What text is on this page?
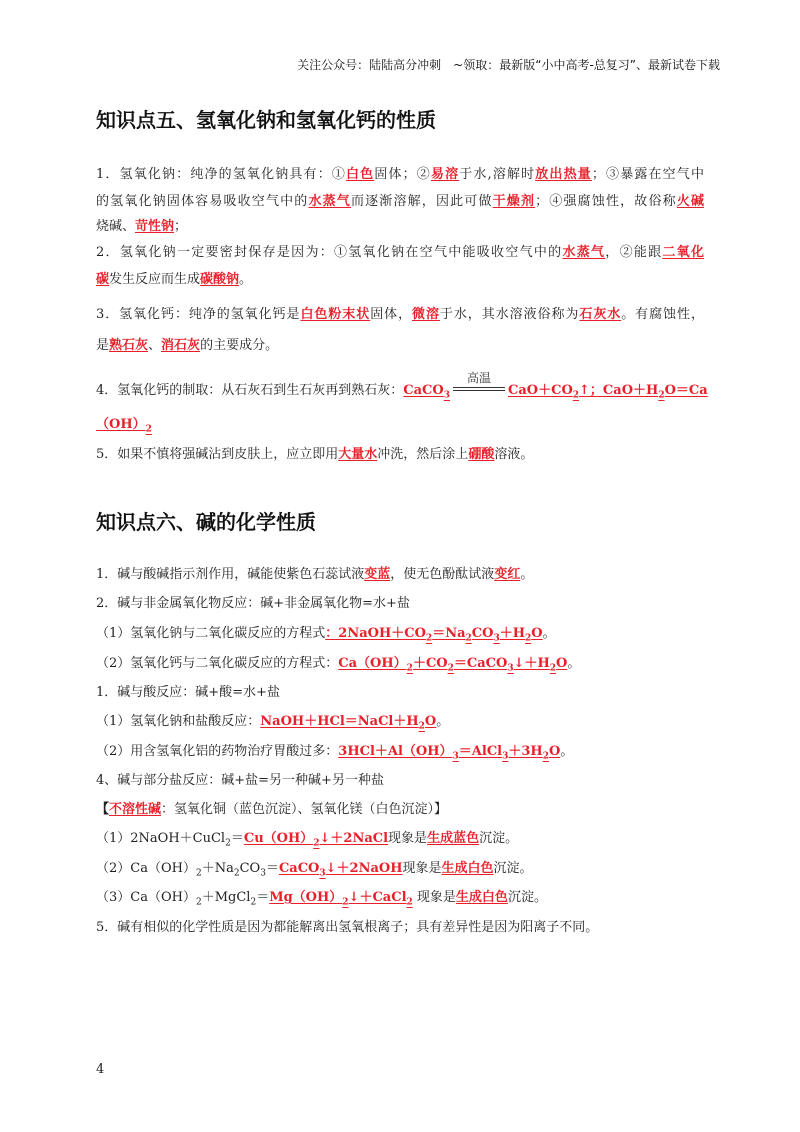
关注公众号：陆陆高分冲刺　~领取：最新版“小中高考-总复习”、最新试卷下载
知识点五、氢氧化钠和氢氧化钙的性质
1．氢氧化钠：纯净的氢氧化钠具有：①白色固体；②易溶于水,溶解时放出热量；③暴露在空气中
的氢氧化钠固体容易吸收空气中的水蒸气而逐渐溶解，因此可做干燥剂；④强腐蚀性，故俗称火碱
烧碱、苛性钠；
2．氢氧化钠一定要密封保存是因为：①氢氧化钠在空气中能吸收空气中的水蒸气，②能跟二氧化
碳发生反应而生成碳酸钠。
3．氢氧化钙：纯净的氢氧化钙是白色粉末状固体，微溶于水，其水溶液俗称为石灰水。有腐蚀性，
是熟石灰、消石灰的主要成分。
4．氢氧化钙的制取：从石灰石到生石灰再到熟石灰：CaCO$_3$
高温
$CaO+CO_2↑$；$CaO+H_2O=Ca$
$(OH)_2$
5．如果不慎将强碱沾到皮肤上，应立即用大量水冲洗，然后涂上硼酸溶液。
知识点六、碱的化学性质
1．碱与酸碱指示剂作用，碱能使紫色石蕊试液变蓝，使无色酚酞试液变红。
2．碱与非金属氧化物反应：碱+非金属氧化物=水+盐
（1）氢氧化钠与二氧化碳反应的方程式：$2NaOH+CO_2=Na_2CO_3+H_2O$。
（2）氢氧化钙与二氧化碳反应的方程式：$Ca(OH)_2+CO_2=CaCO_3↓+H_2O$。
1．碱与酸反应：碱+酸=水+盐
（1）氢氧化钠和盐酸反应：$NaOH+HCl=NaCl+H_2O$。
（2）用含氢氧化铝的药物治疗胃酸过多：$3HCl+Al(OH)_3=AlCl_3+3H_2O$。
4、碱与部分盐反应：碱+盐=另一种碱+另一种盐
【不溶性碱：氢氧化铜（蓝色沉淀）、氢氧化镁（白色沉淀）】
$(1)2NaOH+CuCl_2=Cu(OH)_2↓+2NaCl$现象是生成蓝色沉淀。
$(2)Ca(OH)_2+Na_2CO_3=CaCO_3↓+2NaOH$现象是生成白色沉淀。
$(3)Ca(OH)_2+MgCl_2=Mg(OH)_2↓+CaCl_2$ 现象是生成白色沉淀。
5．碱有相似的化学性质是因为都能解离出氢氧根离子；具有差异性是因为阳离子不同。
4
